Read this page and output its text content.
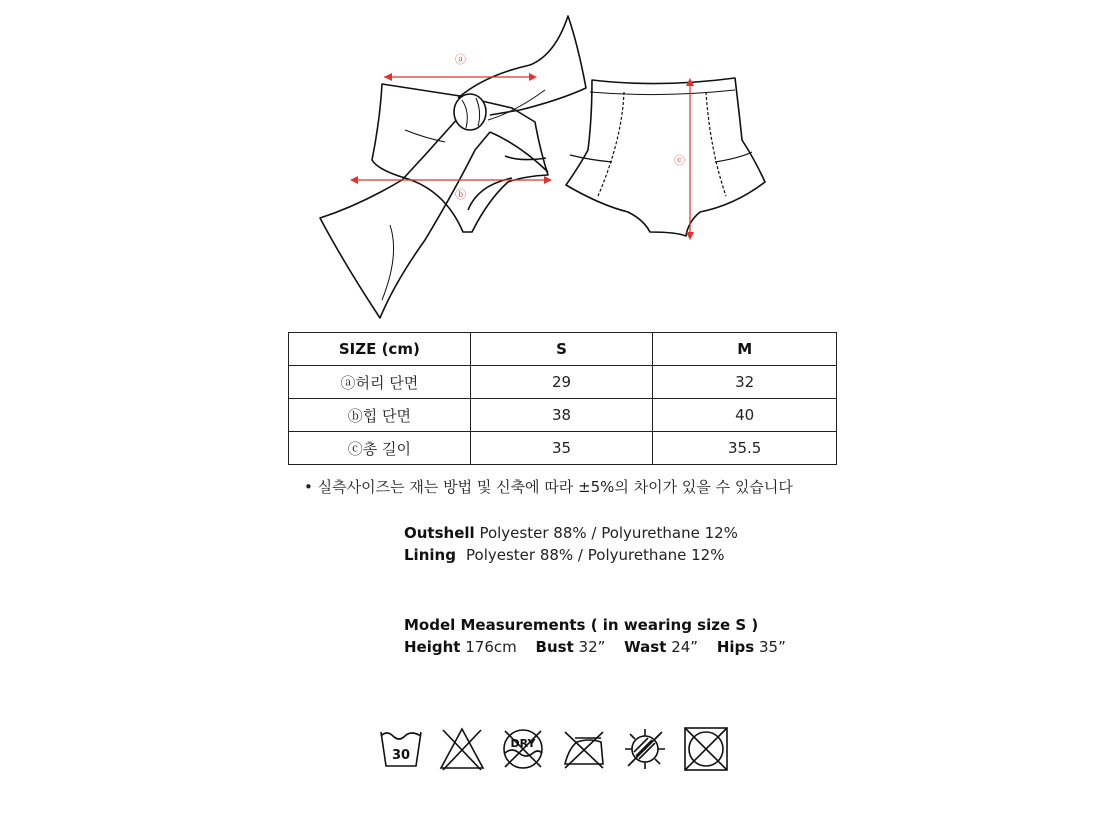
ⓐ
ⓑ
ⓒ
SIZE (cm)	S	M
ⓐ허리 단면	29	32
ⓑ힙 단면	38	40
ⓒ총 길이	35	35.5
• 실측사이즈는 재는 방법 및 신축에 따라 ±5%의 차이가 있을 수 있습니다
Outshell Polyester 88% / Polyurethane 12%
Lining Polyester 88% / Polyurethane 12%
Model Measurements ( in wearing size S )
Height 176cm Bust 32” Wast 24” Hips 35”
30
DRY
